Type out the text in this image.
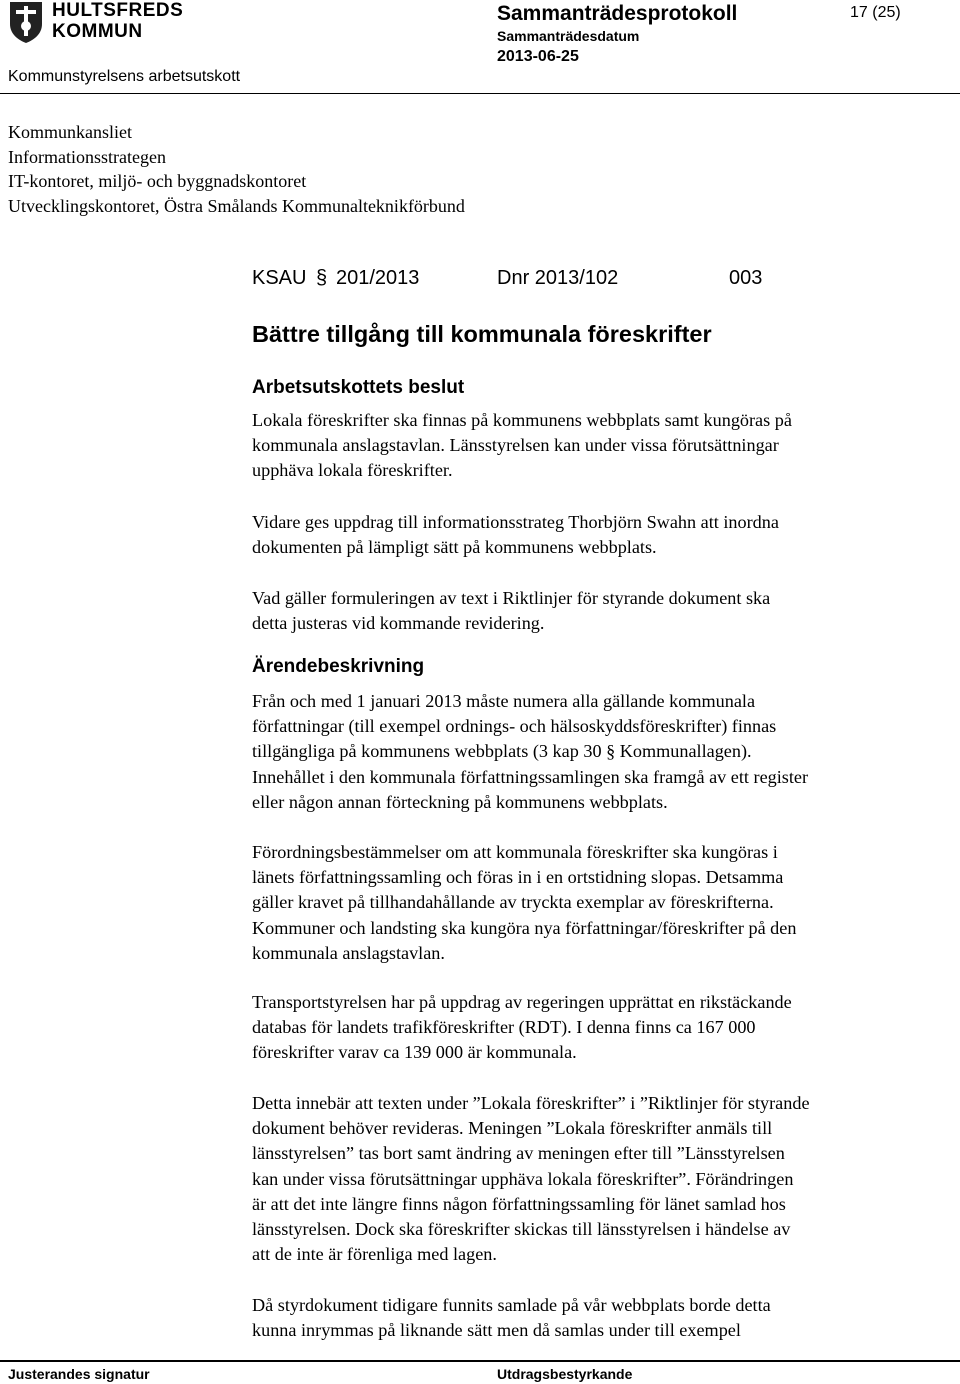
HULTSFREDS
KOMMUN
Sammanträdesprotokoll	17 (25)
Sammanträdesdatum
2013-06-25
Kommunstyrelsens arbetsutskott
Kommunkansliet
Informationsstrategen
IT-kontoret, miljö- och byggnadskontoret
Utvecklingskontoret, Östra Smålands Kommunalteknikförbund
KSAU § 201/2013	Dnr 2013/102	003
Bättre tillgång till kommunala föreskrifter
Arbetsutskottets beslut
Lokala föreskrifter ska finnas på kommunens webbplats samt kungöras på
kommunala anslagstavlan. Länsstyrelsen kan under vissa förutsättningar
upphäva lokala föreskrifter.
Vidare ges uppdrag till informationsstrateg Thorbjörn Swahn att inordna
dokumenten på lämpligt sätt på kommunens webbplats.
Vad gäller formuleringen av text i Riktlinjer för styrande dokument ska
detta justeras vid kommande revidering.
Ärendebeskrivning
Från och med 1 januari 2013 måste numera alla gällande kommunala
författningar (till exempel ordnings- och hälsoskyddsföreskrifter) finnas
tillgängliga på kommunens webbplats (3 kap 30 § Kommunallagen).
Innehållet i den kommunala författningssamlingen ska framgå av ett register
eller någon annan förteckning på kommunens webbplats.
Förordningsbestämmelser om att kommunala föreskrifter ska kungöras i
länets författningssamling och föras in i en ortstidning slopas. Detsamma
gäller kravet på tillhandahållande av tryckta exemplar av föreskrifterna.
Kommuner och landsting ska kungöra nya författningar/föreskrifter på den
kommunala anslagstavlan.
Transportstyrelsen har på uppdrag av regeringen upprättat en rikstäckande
databas för landets trafikföreskrifter (RDT). I denna finns ca 167 000
föreskrifter varav ca 139 000 är kommunala.
Detta innebär att texten under ”Lokala föreskrifter” i ”Riktlinjer för styrande
dokument behöver revideras. Meningen ”Lokala föreskrifter anmäls till
länsstyrelsen” tas bort samt ändring av meningen efter till ”Länsstyrelsen
kan under vissa förutsättningar upphäva lokala föreskrifter”. Förändringen
är att det inte längre finns någon författningssamling för länet samlad hos
länsstyrelsen. Dock ska föreskrifter skickas till länsstyrelsen i händelse av
att de inte är förenliga med lagen.
Då styrdokument tidigare funnits samlade på vår webbplats borde detta
kunna inrymmas på liknande sätt men då samlas under till exempel
Justerandes signatur	Utdragsbestyrkande
